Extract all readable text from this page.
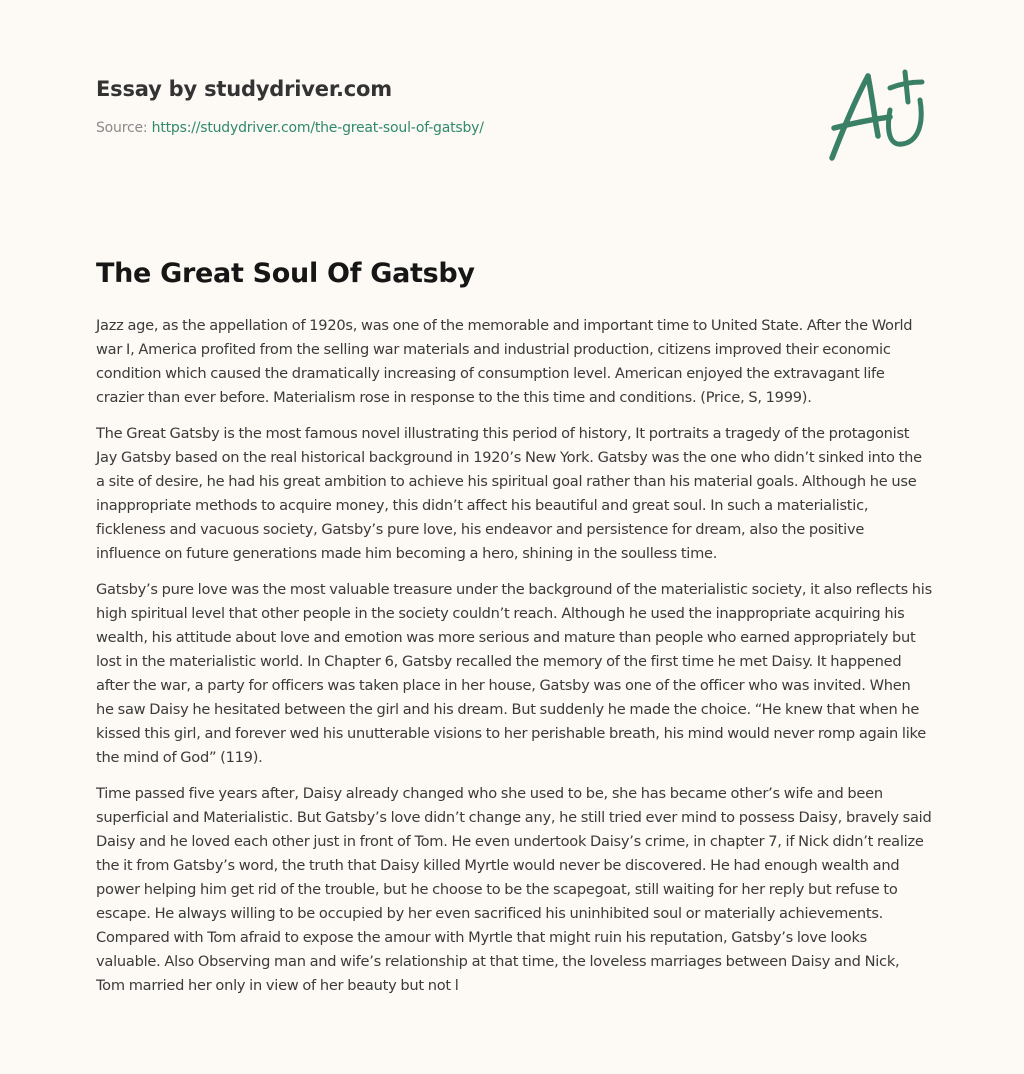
Essay by studydriver.com
Source: https://studydriver.com/the-great-soul-of-gatsby/
The Great Soul Of Gatsby

Jazz age, as the appellation of 1920s, was one of the memorable and important time to United State. After the World war I, America profited from the selling war materials and industrial production, citizens improved their economic condition which caused the dramatically increasing of consumption level. American enjoyed the extravagant life crazier than ever before. Materialism rose in response to the this time and conditions. (Price, S, 1999).

The Great Gatsby is the most famous novel illustrating this period of history, It portraits a tragedy of the protagonist Jay Gatsby based on the real historical background in 1920’s New York. Gatsby was the one who didn’t sinked into the a site of desire, he had his great ambition to achieve his spiritual goal rather than his material goals. Although he use inappropriate methods to acquire money, this didn’t affect his beautiful and great soul. In such a materialistic, fickleness and vacuous society, Gatsby’s pure love, his endeavor and persistence for dream, also the positive influence on future generations made him becoming a hero, shining in the soulless time.

Gatsby’s pure love was the most valuable treasure under the background of the materialistic society, it also reflects his high spiritual level that other people in the society couldn’t reach. Although he used the inappropriate acquiring his wealth, his attitude about love and emotion was more serious and mature than people who earned appropriately but lost in the materialistic world. In Chapter 6, Gatsby recalled the memory of the first time he met Daisy. It happened after the war, a party for officers was taken place in her house, Gatsby was one of the officer who was invited. When he saw Daisy he hesitated between the girl and his dream. But suddenly he made the choice. “He knew that when he kissed this girl, and forever wed his unutterable visions to her perishable breath, his mind would never romp again like the mind of God” (119).

Time passed five years after, Daisy already changed who she used to be, she has became other’s wife and been superficial and Materialistic. But Gatsby’s love didn’t change any, he still tried ever mind to possess Daisy, bravely said Daisy and he loved each other just in front of Tom. He even undertook Daisy’s crime, in chapter 7, if Nick didn’t realize the it from Gatsby’s word, the truth that Daisy killed Myrtle would never be discovered. He had enough wealth and power helping him get rid of the trouble, but he choose to be the scapegoat, still waiting for her reply but refuse to escape. He always willing to be occupied by her even sacrificed his uninhibited soul or materially achievements. Compared with Tom afraid to expose the amour with Myrtle that might ruin his reputation, Gatsby’s love looks valuable. Also Observing man and wife’s relationship at that time, the loveless marriages between Daisy and Nick, Tom married her only in view of her beauty but not l
